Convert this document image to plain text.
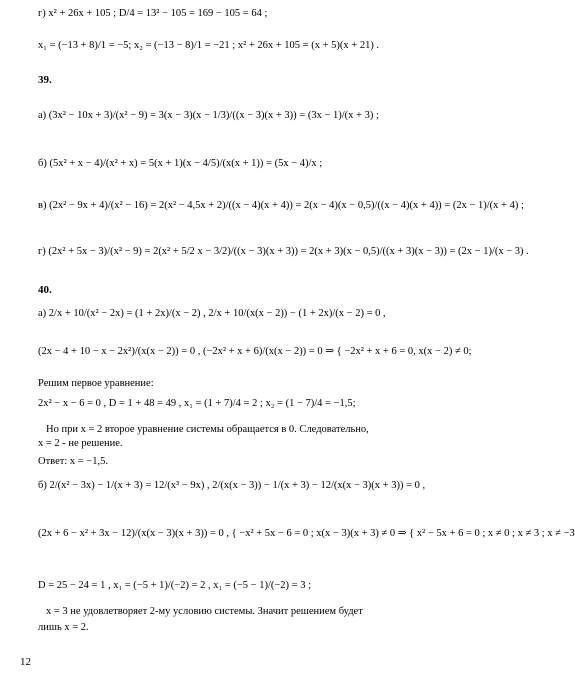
г) x² + 26x + 105 ; D/4 = 13² − 105 = 169 − 105 = 64 ;
x₁ = (−13 + 8)/1 = −5; x₂ = (−13 − 8)/1 = −21 ; x² + 26x + 105 = (x + 5)(x + 21) .
39.
а) (3x² − 10x + 3)/(x² − 9) = 3(x − 3)(x − 1/3)/((x − 3)(x + 3)) = (3x − 1)/(x + 3) ;
б) (5x² + x − 4)/(x² + x) = 5(x + 1)(x − 4/5)/(x(x + 1)) = (5x − 4)/x ;
в) (2x² − 9x + 4)/(x² − 16) = 2(x² − 4,5x + 2)/((x − 4)(x + 4)) = 2(x − 4)(x − 0,5)/((x − 4)(x + 4)) = (2x − 1)/(x + 4) ;
г) (2x² + 5x − 3)/(x² − 9) = 2(x² + 5/2 x − 3/2)/((x − 3)(x + 3)) = 2(x + 3)(x − 0,5)/((x + 3)(x − 3)) = (2x − 1)/(x − 3) .
40.
а) 2/x + 10/(x² − 2x) = (1 + 2x)/(x − 2) , 2/x + 10/(x(x − 2)) − (1 + 2x)/(x − 2) = 0 ,
(2x − 4 + 10 − x − 2x²)/(x(x − 2)) = 0 , (−2x² + x + 6)/(x(x − 2)) = 0 ⇒ { −2x² + x + 6 = 0, x(x − 2) ≠ 0;
Решим первое уравнение:
2x² − x − 6 = 0 , D = 1 + 48 = 49 , x₁ = (1 + 7)/4 = 2 ; x₂ = (1 − 7)/4 = −1,5;
Но при x = 2 второе уравнение системы обращается в 0. Следовательно,
x = 2 - не решение.
Ответ: x = −1,5.
б) 2/(x² − 3x) − 1/(x + 3) = 12/(x³ − 9x) , 2/(x(x − 3)) − 1/(x + 3) − 12/(x(x − 3)(x + 3)) = 0 ,
(2x + 6 − x² + 3x − 12)/(x(x − 3)(x + 3)) = 0 , { −x² + 5x − 6 = 0 ; x(x − 3)(x + 3) ≠ 0 ⇒ { x² − 5x + 6 = 0 ; x ≠ 0 ; x ≠ 3 ; x ≠ −3
D = 25 − 24 = 1 , x₁ = (−5 + 1)/(−2) = 2 , x₁ = (−5 − 1)/(−2) = 3 ;
x = 3 не удовлетворяет 2-му условию системы. Значит решением будет
лишь x = 2.
12
